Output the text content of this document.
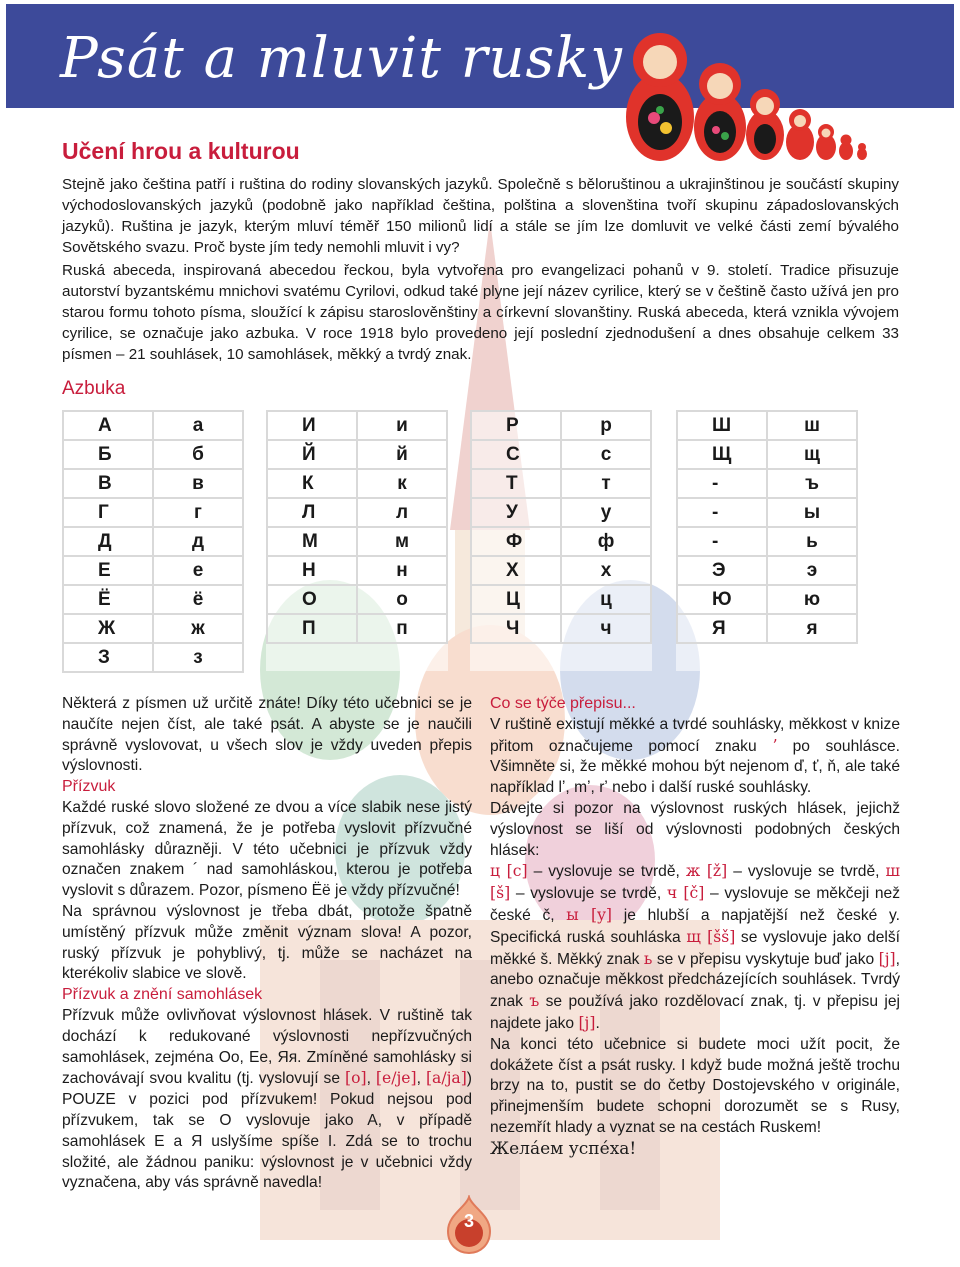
Psát a mluvit rusky
Učení hrou a kulturou

Stejně jako čeština patří i ruština do rodiny slovanských jazyků. Společně s běloruštinou a ukrajinštinou je součástí skupiny východoslovanských jazyků (podobně jako například čeština, polština a slovenština tvoří skupinu západoslovanských jazyků). Ruština je jazyk, kterým mluví téměř 150 milionů lidí a stále se jím lze domluvit ve velké části zemí bývalého Sovětského svazu. Proč byste jím tedy nemohli mluvit i vy?

Ruská abeceda, inspirovaná abecedou řeckou, byla vytvořena pro evangelizaci pohanů v 9. století. Tradice přisuzuje autorství byzantskému mnichovi svatému Cyrilovi, odkud také plyne její název cyrilice, který se v češtině často užívá jen pro starou formu tohoto písma, sloužící k zápisu staroslověnštiny a církevní slovanštiny. Ruská abeceda, která vznikla vývojem cyrilice, se označuje jako azbuka. V roce 1918 bylo provedeno její poslední zjednodušení a dnes obsahuje celkem 33 písmen – 21 souhlásek, 10 samohlásek, měkký a tvrdý znak.

Azbuka
А	а
Б	б
В	в
Г	г
Д	д
Е	е
Ё	ё
Ж	ж
З	з
И	и
Й	й
К	к
Л	л
М	м
Н	н
О	о
П	п

Р	р
С	с
Т	т
У	у
Ф	ф
Х	х
Ц	ц
Ч	ч

Ш	ш
Щ	щ
-	ъ
-	ы
-	ь
Э	э
Ю	ю
Я	я

Některá z písmen už určitě znáte! Díky této učebnici se je naučíte nejen číst, ale také psát. A abyste se je naučili správně vyslovovat, u všech slov je vždy uveden přepis výslovnosti.

Přízvuk

Každé ruské slovo složené ze dvou a více slabik nese jistý přízvuk, což znamená, že je potřeba vyslovit přízvučné samohlásky důrazněji. V této učebnici je přízvuk vždy označen znakem ´ nad samohláskou, kterou je potřeba vyslovit s důrazem. Pozor, písmeno Ёё je vždy přízvučné!

Na správnou výslovnost je třeba dbát, protože špatně umístěný přízvuk může změnit význam slova! A pozor, ruský přízvuk je pohyblivý, tj. může se nacházet na kterékoliv slabice ve slově.

Přízvuk a znění samohlásek

Přízvuk může ovlivňovat výslovnost hlásek. V ruštině tak dochází k redukované výslovnosti nepřízvučných samohlásek, zejména Оо, Ее, Яя. Zmíněné samohlásky si zachovávají svou kvalitu (tj. vyslovují se [o], [e/je], [a/ja]) POUZE v pozici pod přízvukem! Pokud nejsou pod přízvukem, tak se O vyslovuje jako A, v případě samohlásek E a Я uslyšíme spíše I. Zdá se to trochu složité, ale žádnou paniku: výslovnost je v učebnici vždy vyznačena, aby vás správně navedla!

Co se týče přepisu...

V ruštině existují měkké a tvrdé souhlásky, měkkost v knize přitom označujeme pomocí znaku ʼ po souhlásce. Všimněte si, že měkké mohou být nejenom ď, ť, ň, ale také například lʼ, mʼ, rʼ nebo i další ruské souhlásky.

Dávejte si pozor na výslovnost ruských hlásek, jejichž výslovnost se liší od výslovnosti podobných českých hlásek:

ц [c] – vyslovuje se tvrdě, ж [ž] – vyslovuje se tvrdě, ш [š] – vyslovuje se tvrdě, ч [č] – vyslovuje se měkčeji než české č, ы [y] je hlubší a napjatější než české y. Specifická ruská souhláska щ [šš] se vyslovuje jako delší měkké š. Měkký znak ь se v přepisu vyskytuje buď jako [j], anebo označuje měkkost předcházejících souhlásek. Tvrdý znak ъ se používá jako rozdělovací znak, tj. v přepisu jej najdete jako [j].

Na konci této učebnice si budete moci užít pocit, že dokážete číst a psát rusky. I když bude možná ještě trochu brzy na to, pustit se do četby Dostojevského v originále, přinejmenším budete schopni dorozumět se s Rusy, nezemřít hlady a vyznat se na cestách Ruskem!

Желáем успéха!

3
